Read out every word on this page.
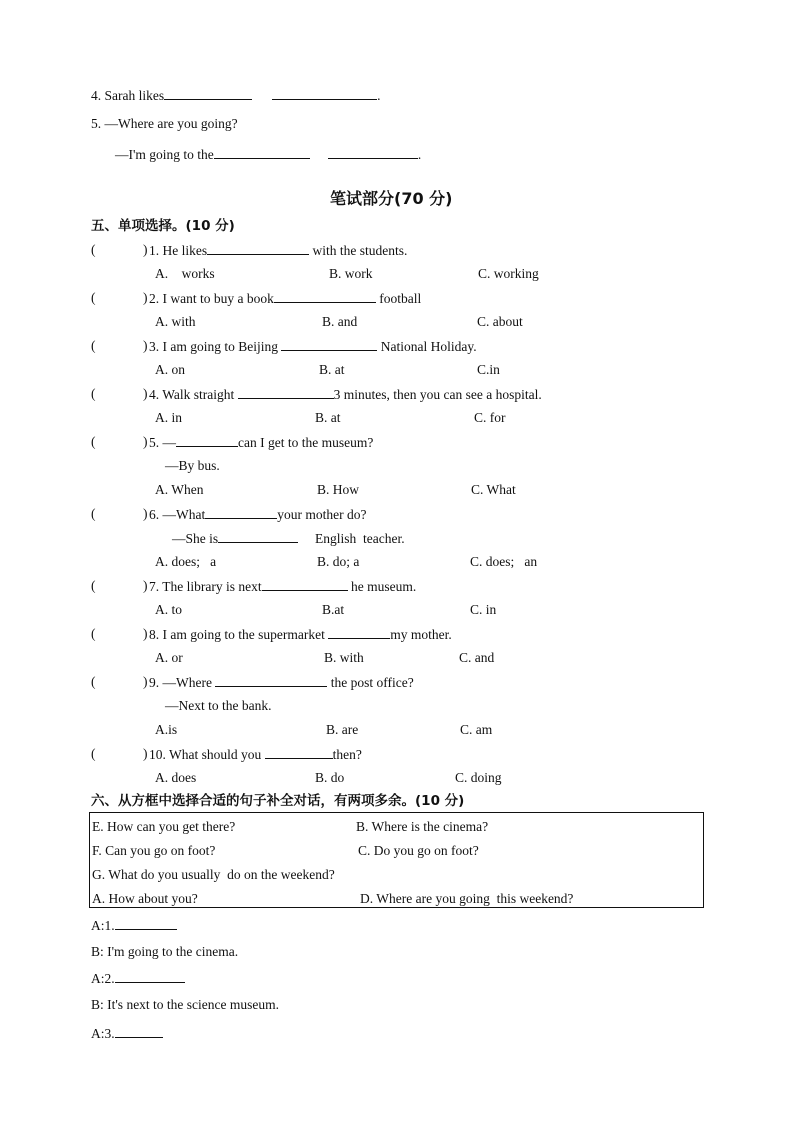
4. Sarah likes	.
5. —Where are you going?
—I'm going to the	.
笔试部分(70 分)
五、单项选择。(10 分)
(	) 1. He likes	with the students.
A.    works	B. work	C. working
(	) 2. I want to buy a book	football
A. with	B. and	C. about
(	) 3. I am going to Beijing	National Holiday.
A. on	B. at	C.in
(	) 4. Walk straight	3 minutes, then you can see a hospital.
A. in	B. at	C. for
(	) 5. —	can I get to the museum?
—By bus.
A. When	B. How	C. What
(	) 6. —What	your mother do?
—She is	English  teacher.
A. does;   a	B. do; a	C. does;   an
(	) 7. The library is next	he museum.
A. to	B.at	C. in
(	) 8. I am going to the supermarket	my mother.
A. or	B. with	C. and
(	) 9. —Where	the post office?
—Next to the bank.
A.is	B. are	C. am
(	) 10. What should you	then?
A. does	B. do	C. doing
六、从方框中选择合适的句子补全对话，有两项多余。(10 分)
E. How can you get there?	B. Where is the cinema?
F. Can you go on foot?	C. Do you go on foot?
G. What do you usually  do on the weekend?
A. How about you?	D. Where are you going  this weekend?
A:1.
B: I'm going to the cinema.
A:2.
B: It's next to the science museum.
A:3.
